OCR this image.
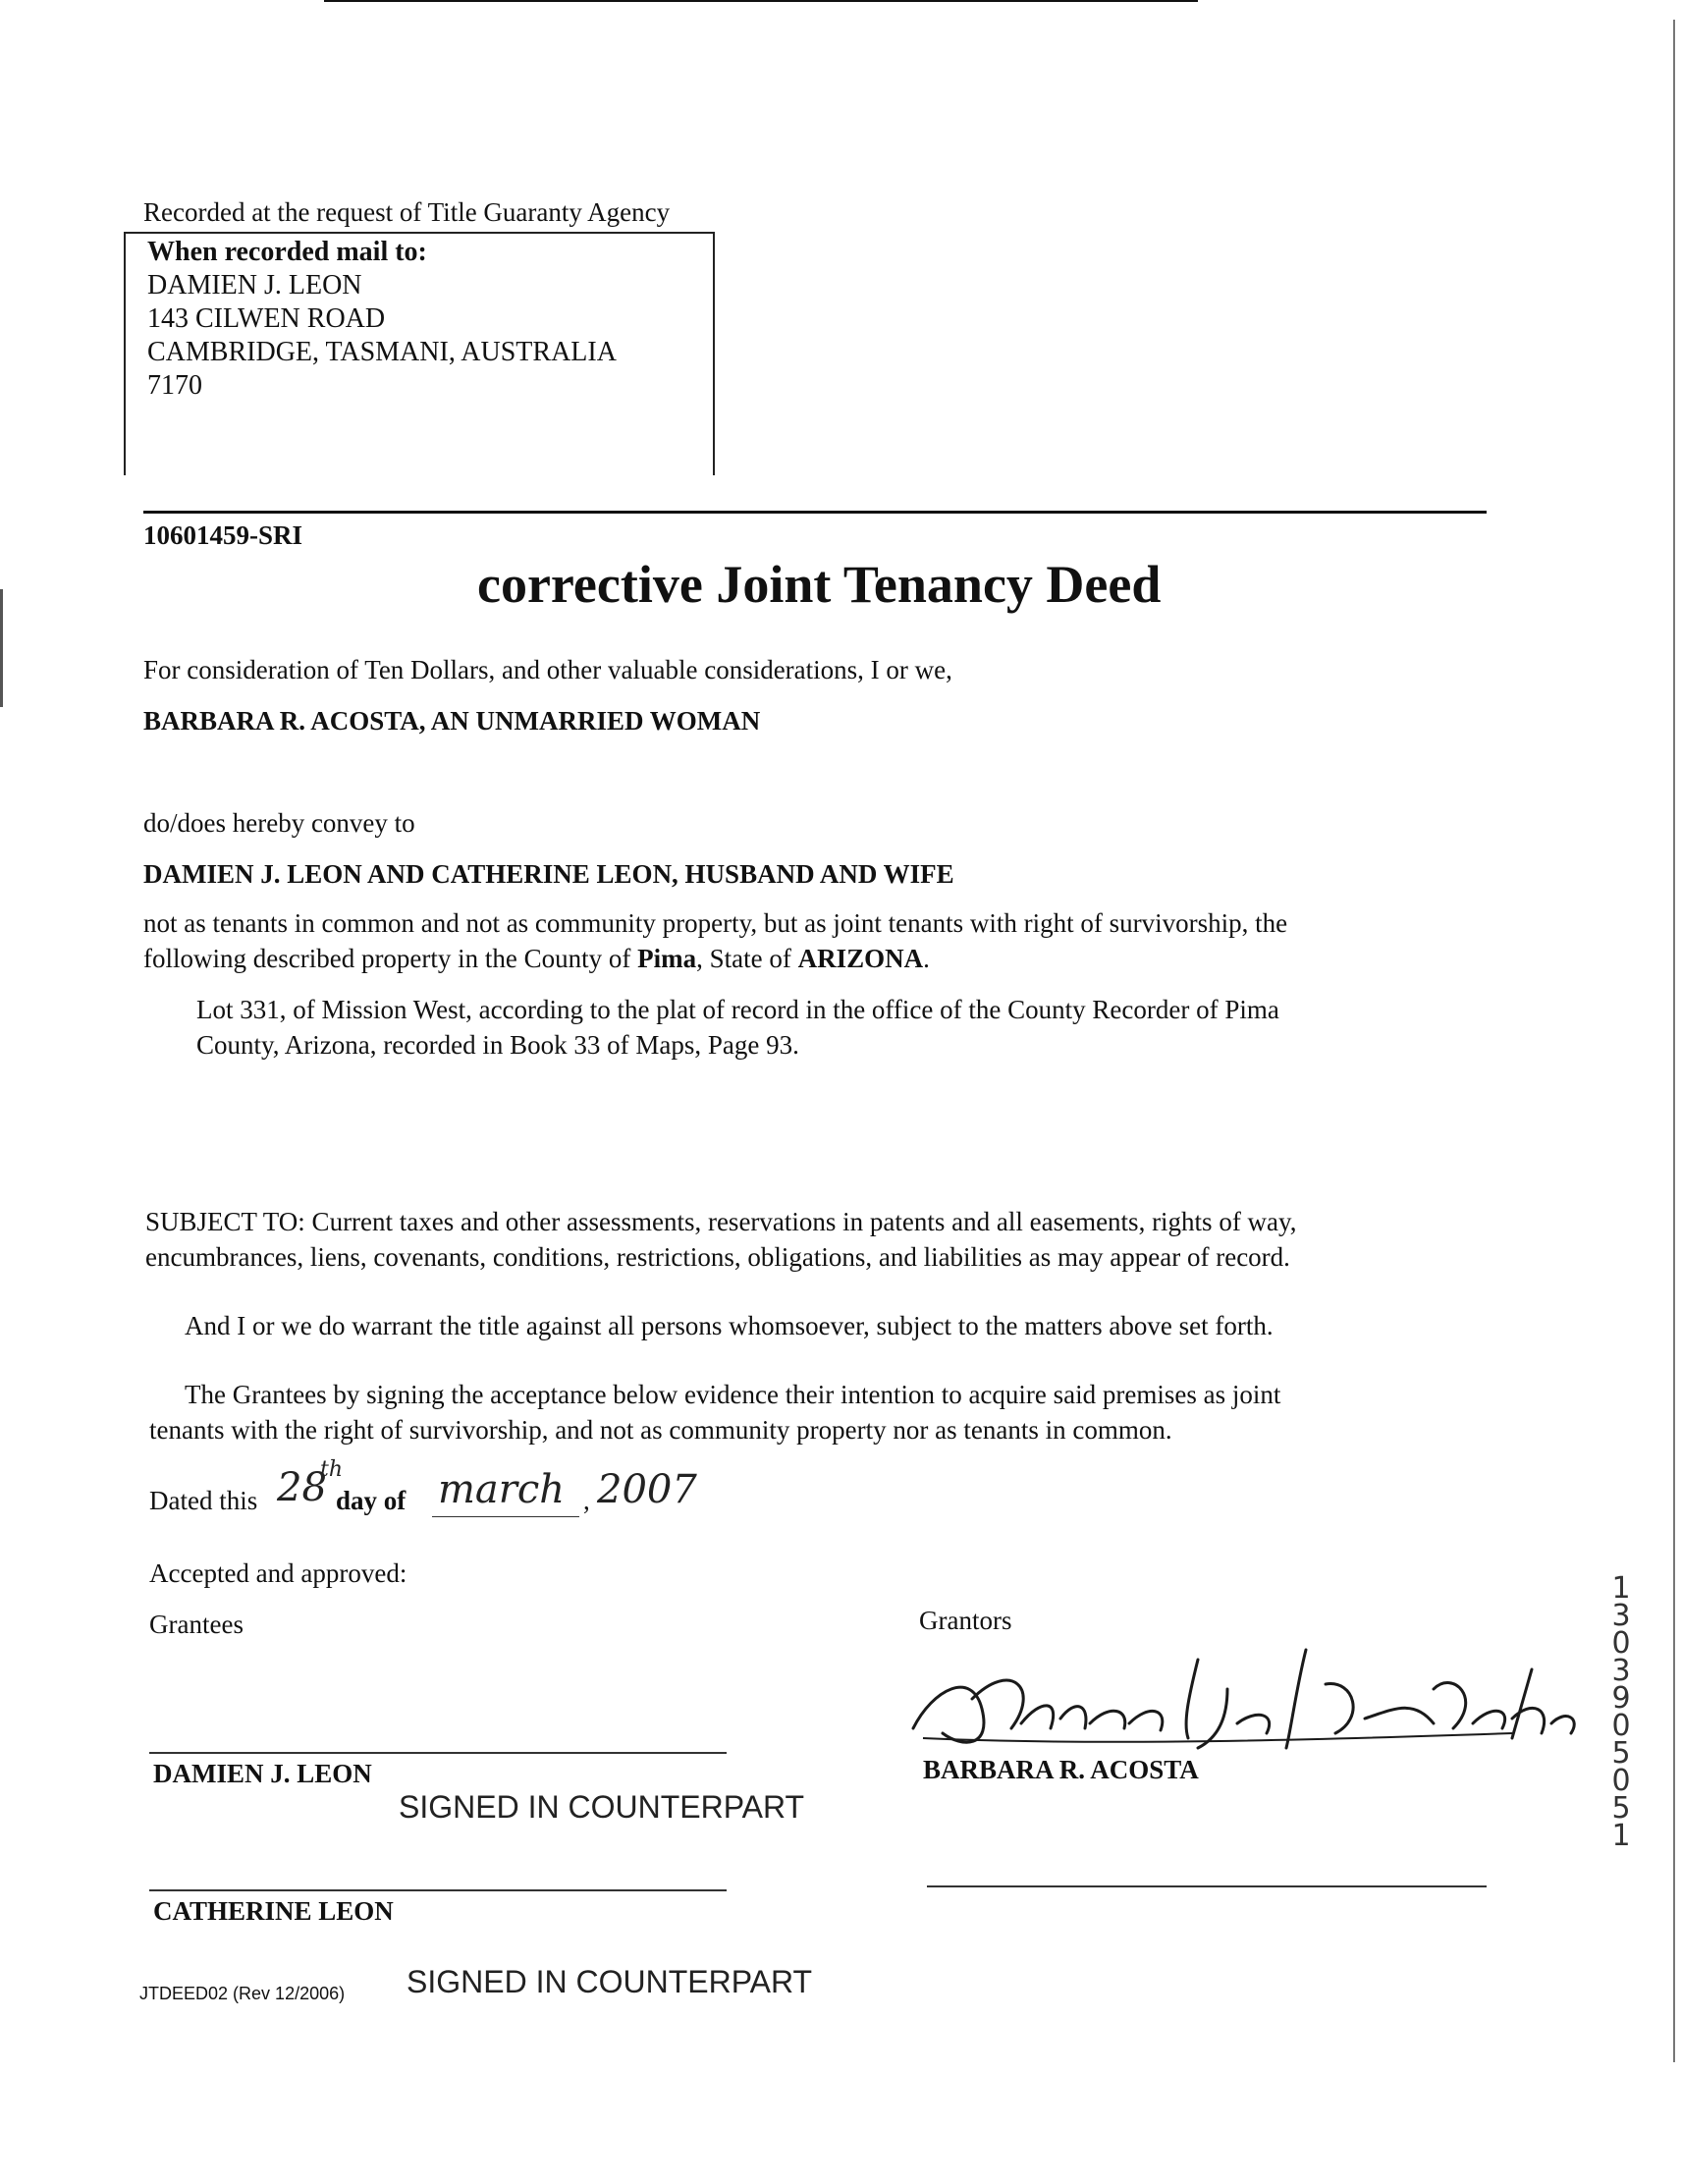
Recorded at the request of Title Guaranty Agency
When recorded mail to:
DAMIEN J. LEON
143 CILWEN ROAD
CAMBRIDGE, TASMANI, AUSTRALIA
7170
10601459-SRI
corrective Joint Tenancy Deed
For consideration of Ten Dollars, and other valuable considerations, I or we,
BARBARA R. ACOSTA, AN UNMARRIED WOMAN
do/does hereby convey to
DAMIEN J. LEON AND CATHERINE LEON, HUSBAND AND WIFE
not as tenants in common and not as community property, but as joint tenants with right of survivorship, the
following described property in the County of Pima, State of ARIZONA.
Lot 331, of Mission West, according to the plat of record in the office of the County Recorder of Pima
County, Arizona, recorded in Book 33 of Maps, Page 93.
SUBJECT TO: Current taxes and other assessments, reservations in patents and all easements, rights of way,
encumbrances, liens, covenants, conditions, restrictions, obligations, and liabilities as may appear of record.
And I or we do warrant the title against all persons whomsoever, subject to the matters above set forth.
The Grantees by signing the acceptance below evidence their intention to acquire said premises as joint
tenants with the right of survivorship, and not as community property nor as tenants in common.
Dated this 28
th
day of march , 2007
Accepted and approved:
Grantees	Grantors
DAMIEN J. LEON
SIGNED IN COUNTERPART
BARBARA R. ACOSTA
CATHERINE LEON
JTDEED02 (Rev 12/2006) SIGNED IN COUNTERPART
13039 05051
